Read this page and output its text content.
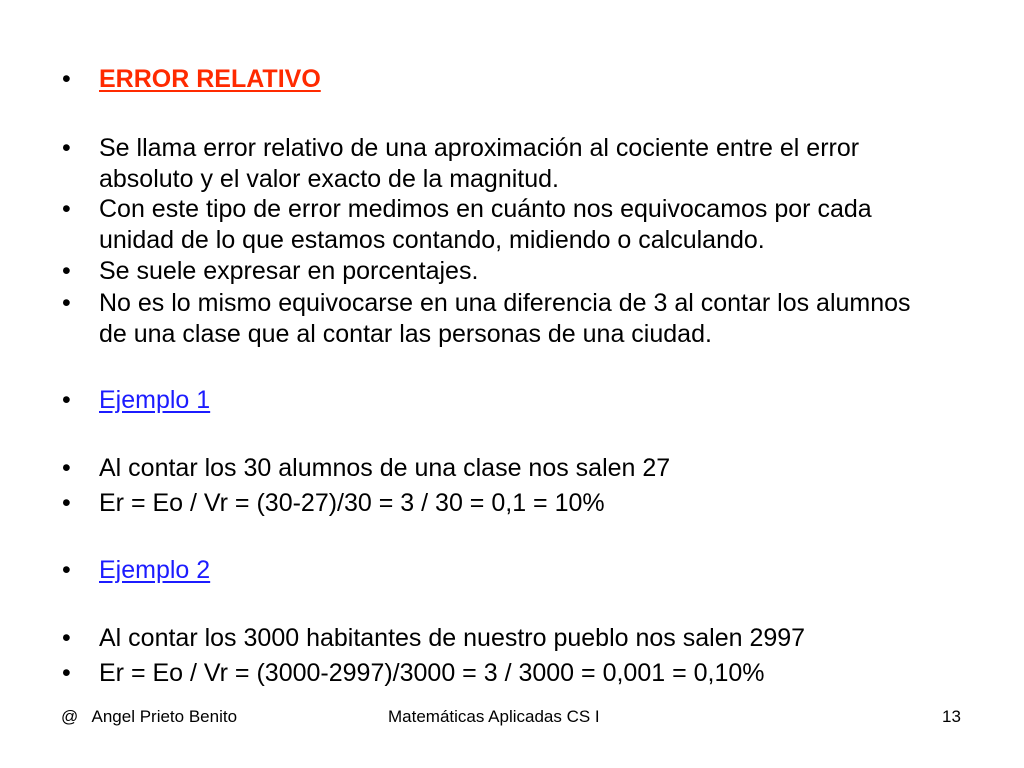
•	ERROR RELATIVO
•	Se llama error relativo de una aproximación al cociente entre el error absoluto y el valor exacto de la magnitud.
•	Con este tipo de error medimos en cuánto nos equivocamos por cada unidad de lo que estamos contando, midiendo o calculando.
•	Se suele expresar en porcentajes.
•	No es lo mismo equivocarse en una diferencia de 3 al contar los alumnos de una clase que al contar las personas de una ciudad.
•	Ejemplo 1
•	Al contar los 30 alumnos de una clase nos salen 27
•	Er = Eo / Vr = (30-27)/30 = 3 / 30 = 0,1 = 10%
•	Ejemplo 2
•	Al contar los 3000 habitantes de nuestro pueblo nos salen 2997
•	Er = Eo / Vr = (3000-2997)/3000 = 3 / 3000 = 0,001 = 0,10%
@   Angel Prieto Benito	Matemáticas Aplicadas CS I	13
